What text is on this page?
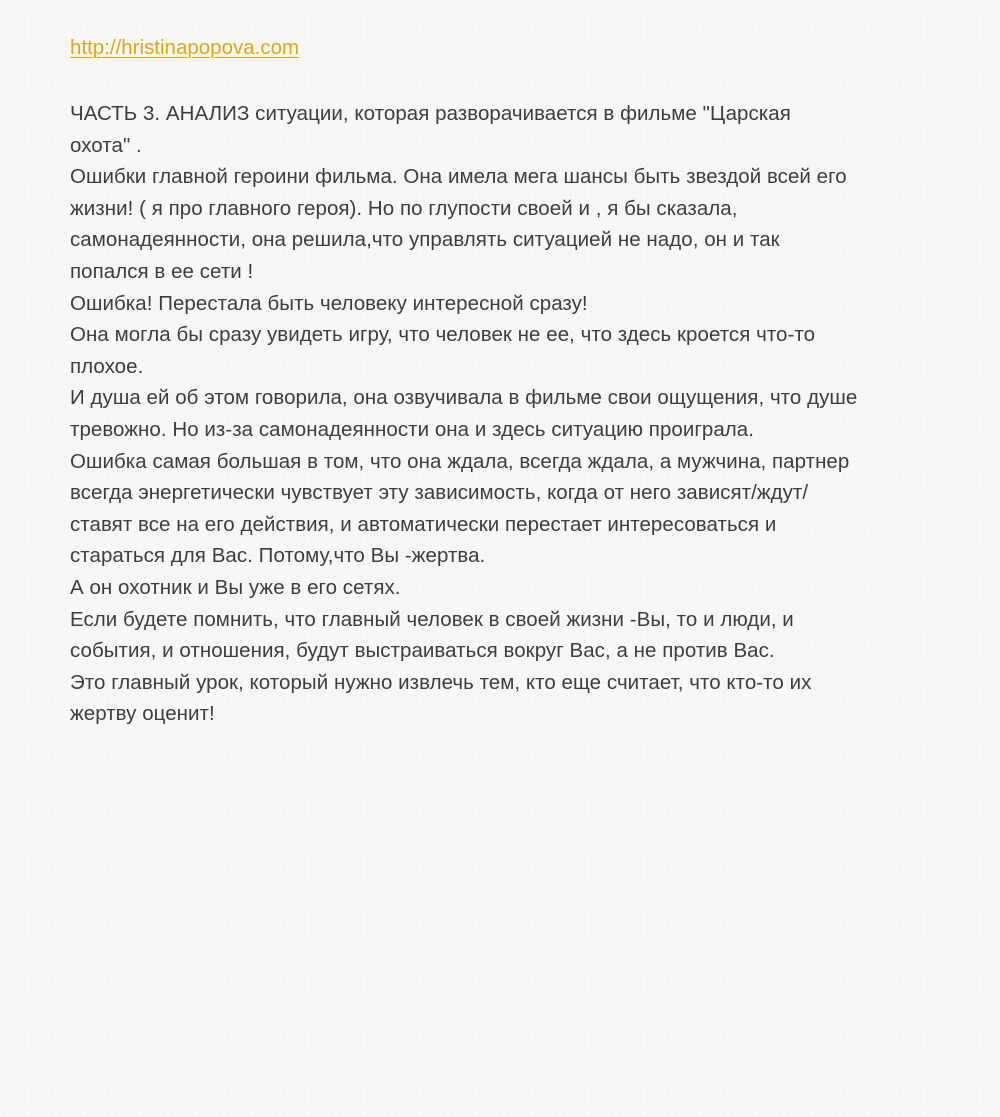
http://hristinapopova.com
ЧАСТЬ 3. АНАЛИЗ ситуации, которая разворачивается в фильме "Царская
охота" .
Ошибки главной героини фильма. Она имела мега шансы быть звездой всей его
жизни! ( я про главного героя). Но по глупости своей и , я бы сказала,
самонадеянности, она решила,что управлять ситуацией не надо, он и так
попался в ее сети !
Ошибка! Перестала быть человеку интересной сразу!
Она могла бы сразу увидеть игру, что человек не ее, что здесь кроется что-то
плохое.
И душа ей об этом говорила, она озвучивала в фильме свои ощущения, что душе
тревожно. Но из-за самонадеянности она и здесь ситуацию проиграла.
Ошибка самая большая в том, что она ждала, всегда ждала, а мужчина, партнер
всегда энергетически чувствует эту зависимость, когда от него зависят/ждут/
ставят все на его действия, и автоматически перестает интересоваться и
стараться для Вас. Потому,что Вы -жертва.
А он охотник и Вы уже в его сетях.
Если будете помнить, что главный человек в своей жизни -Вы, то и люди, и
события, и отношения, будут выстраиваться вокруг Вас, а не против Вас.
Это главный урок, который нужно извлечь тем, кто еще считает, что кто-то их
жертву оценит!
